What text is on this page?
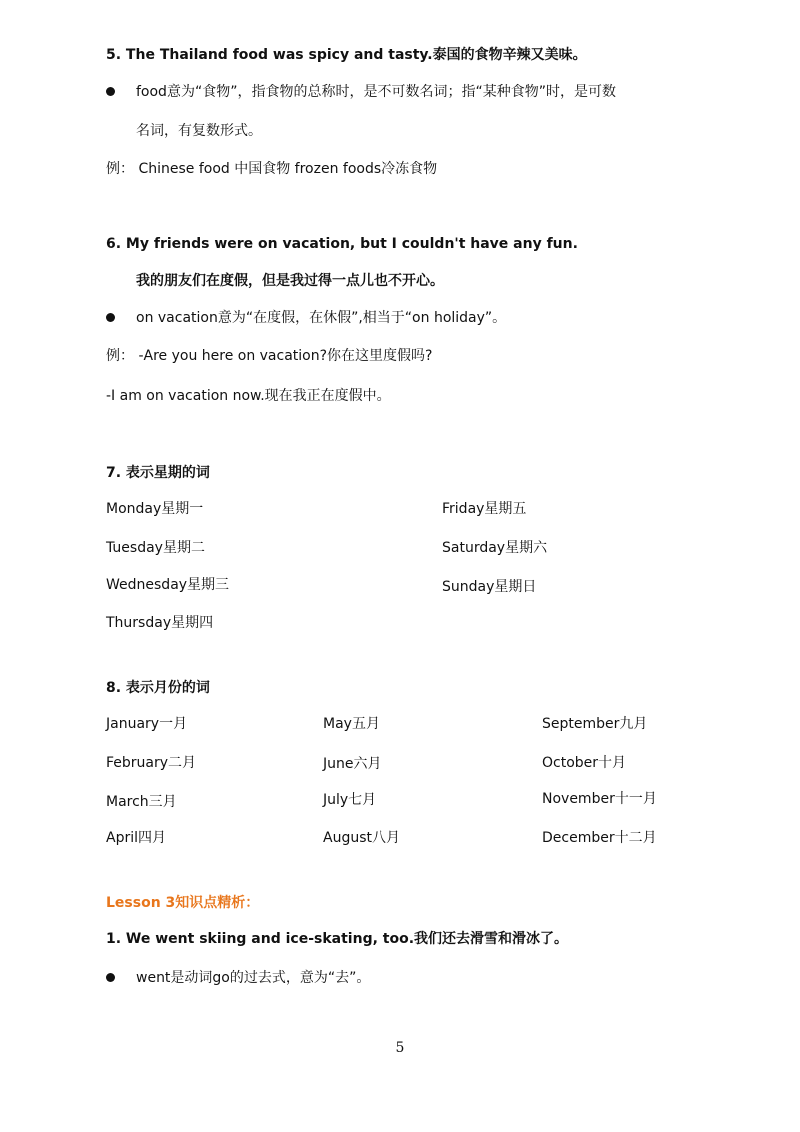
5. The Thailand food was spicy and tasty.泰国的食物辛辣又美味。
food意为“食物”，指食物的总称时，是不可数名词；指“某种食物”时，是可数
名词，有复数形式。
例： Chinese food 中国食物 frozen foods冷冻食物
6. My friends were on vacation, but I couldn't have any fun.
我的朋友们在度假，但是我过得一点儿也不开心。
on vacation意为“在度假，在休假”,相当于“on holiday”。
例： -Are you here on vacation?你在这里度假吗?
-I am on vacation now.现在我正在度假中。
7. 表示星期的词
Monday星期一
Tuesday星期二
Wednesday星期三
Thursday星期四
Friday星期五
Saturday星期六
Sunday星期日
8. 表示月份的词
January一月
February二月
March三月
April四月
May五月
June六月
July七月
August八月
September九月
October十月
November十一月
December十二月
Lesson 3知识点精析：
1. We went skiing and ice-skating, too.我们还去滑雪和滑冰了。
went是动词go的过去式，意为“去”。
5
